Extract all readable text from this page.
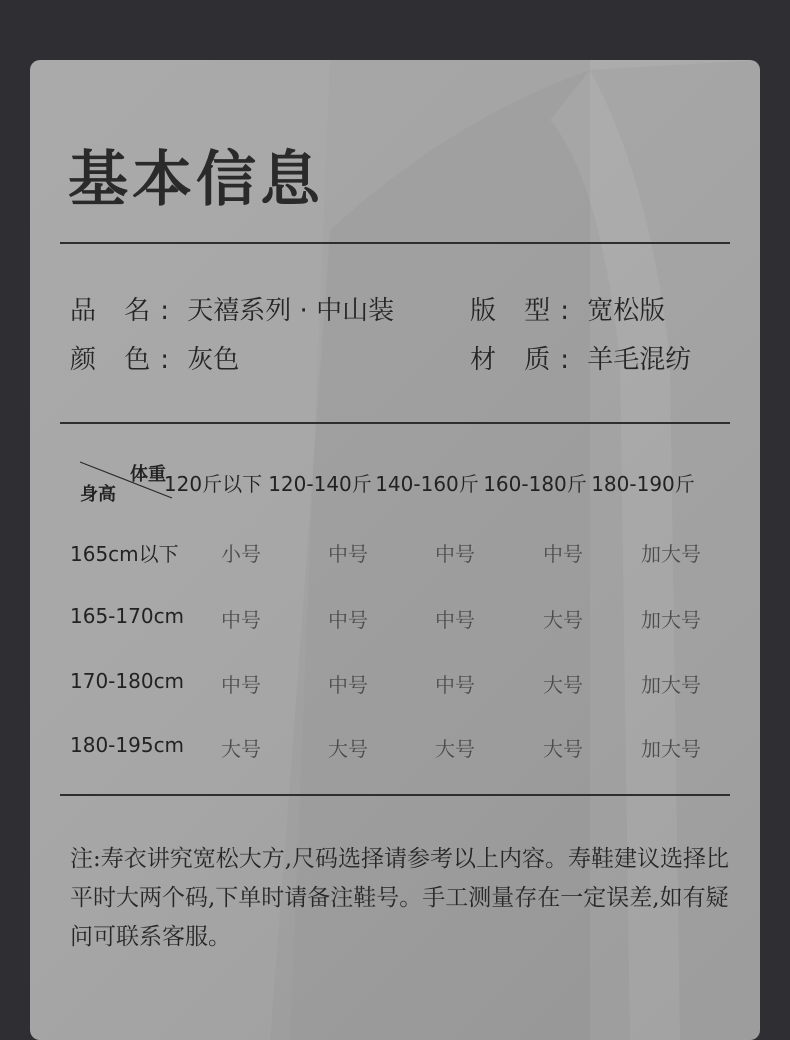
基本信息
品 名: 天禧系列 · 中山装	版 型: 宽松版
颜 色: 灰色	材 质: 羊毛混纺
体重
身高 120斤以下 120-140斤 140-160斤 160-180斤 180-190斤
165cm以下	小号	中号	中号	中号	加大号
165-170cm	中号	中号	中号	大号	加大号
170-180cm	中号	中号	中号	大号	加大号
180-195cm	大号	大号	大号	大号	加大号

注:寿衣讲究宽松大方,尺码选择请参考以上内容。寿鞋建议选择比平时大两个码,下单时请备注鞋号。手工测量存在一定误差,如有疑问可联系客服。
